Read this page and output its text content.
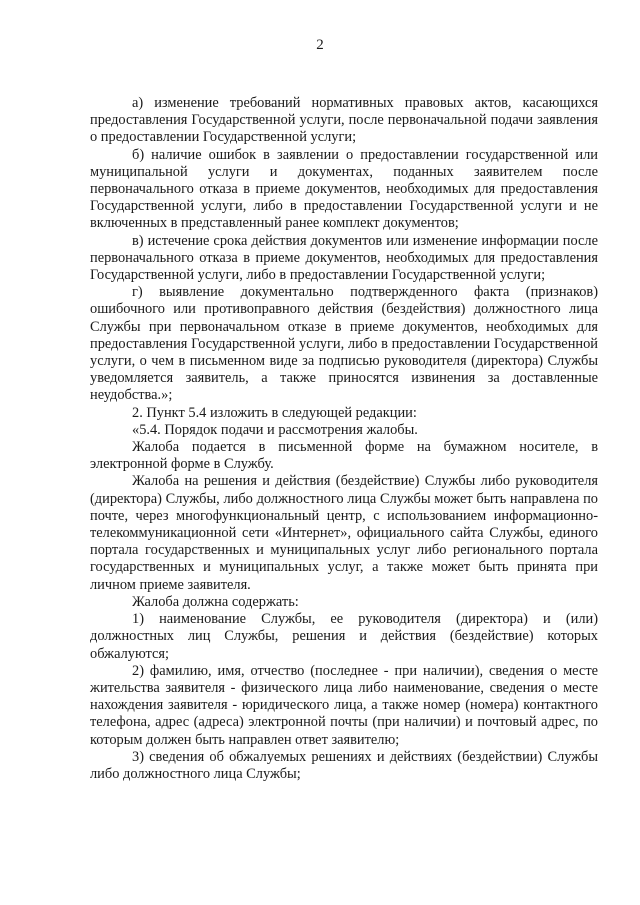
2

а) изменение требований нормативных правовых актов, касающихся предоставления Государственной услуги, после первоначальной подачи заявления о предоставлении Государственной услуги;

б) наличие ошибок в заявлении о предоставлении государственной или муниципальной услуги и документах, поданных заявителем после первоначального отказа в приеме документов, необходимых для предоставления Государственной услуги, либо в предоставлении Государственной услуги и не включенных в представленный ранее комплект документов;

в) истечение срока действия документов или изменение информации после первоначального отказа в приеме документов, необходимых для предоставления Государственной услуги, либо в предоставлении Государственной услуги;

г) выявление документально подтвержденного факта (признаков) ошибочного или противоправного действия (бездействия) должностного лица Службы при первоначальном отказе в приеме документов, необходимых для предоставления Государственной услуги, либо в предоставлении Государственной услуги, о чем в письменном виде за подписью руководителя (директора) Службы уведомляется заявитель, а также приносятся извинения за доставленные неудобства.»;

2. Пункт 5.4 изложить в следующей редакции:

«5.4. Порядок подачи и рассмотрения жалобы.

Жалоба подается в письменной форме на бумажном носителе, в электронной форме в Службу.

Жалоба на решения и действия (бездействие) Службы либо руководителя (директора) Службы, либо должностного лица Службы может быть направлена по почте, через многофункциональный центр, с использованием информационно-телекоммуникационной сети «Интернет», официального сайта Службы, единого портала государственных и муниципальных услуг либо регионального портала государственных и муниципальных услуг, а также может быть принята при личном приеме заявителя.

Жалоба должна содержать:

1) наименование Службы, ее руководителя (директора) и (или) должностных лиц Службы, решения и действия (бездействие) которых обжалуются;

2) фамилию, имя, отчество (последнее - при наличии), сведения о месте жительства заявителя - физического лица либо наименование, сведения о месте нахождения заявителя - юридического лица, а также номер (номера) контактного телефона, адрес (адреса) электронной почты (при наличии) и почтовый адрес, по которым должен быть направлен ответ заявителю;

3) сведения об обжалуемых решениях и действиях (бездействии) Службы либо должностного лица Службы;
